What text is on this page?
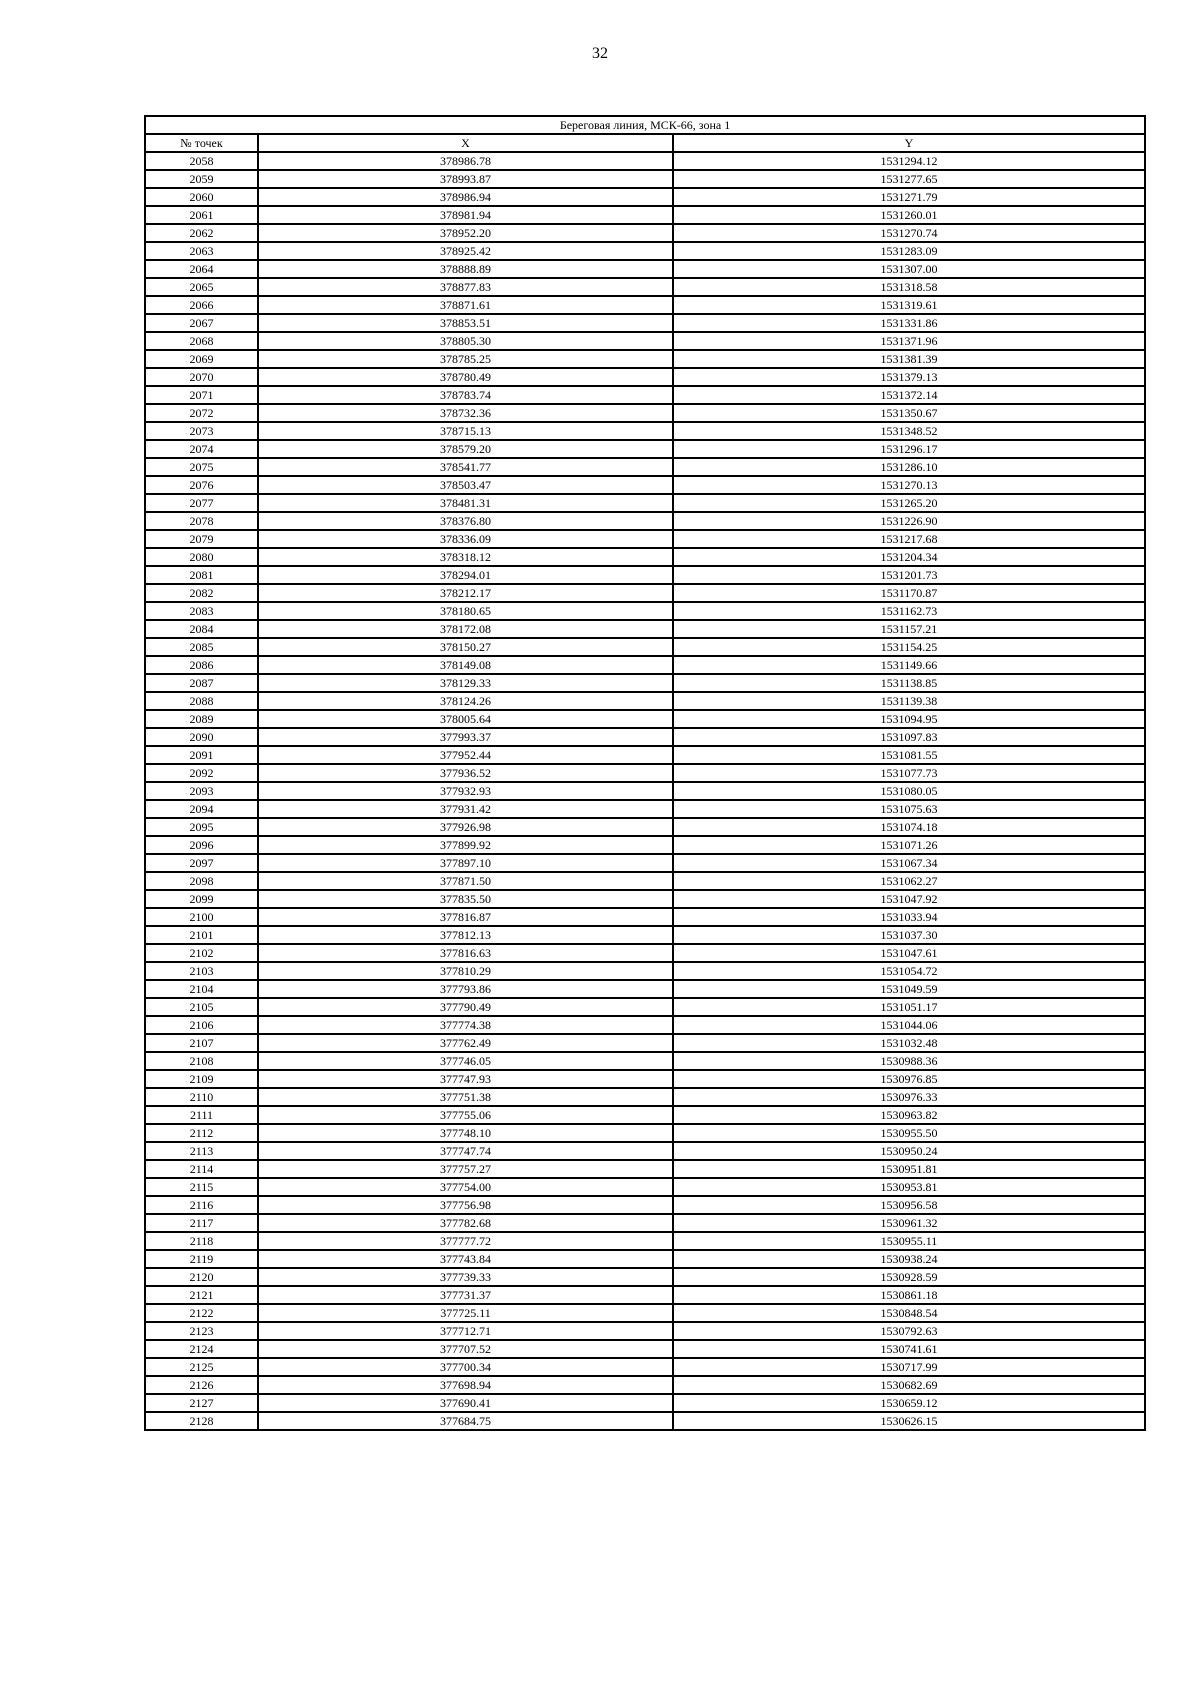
32
Береговая линия, МСК-66, зона 1		
№ точек	X	Y
2058	378986.78	1531294.12
2059	378993.87	1531277.65
2060	378986.94	1531271.79
2061	378981.94	1531260.01
2062	378952.20	1531270.74
2063	378925.42	1531283.09
2064	378888.89	1531307.00
2065	378877.83	1531318.58
2066	378871.61	1531319.61
2067	378853.51	1531331.86
2068	378805.30	1531371.96
2069	378785.25	1531381.39
2070	378780.49	1531379.13
2071	378783.74	1531372.14
2072	378732.36	1531350.67
2073	378715.13	1531348.52
2074	378579.20	1531296.17
2075	378541.77	1531286.10
2076	378503.47	1531270.13
2077	378481.31	1531265.20
2078	378376.80	1531226.90
2079	378336.09	1531217.68
2080	378318.12	1531204.34
2081	378294.01	1531201.73
2082	378212.17	1531170.87
2083	378180.65	1531162.73
2084	378172.08	1531157.21
2085	378150.27	1531154.25
2086	378149.08	1531149.66
2087	378129.33	1531138.85
2088	378124.26	1531139.38
2089	378005.64	1531094.95
2090	377993.37	1531097.83
2091	377952.44	1531081.55
2092	377936.52	1531077.73
2093	377932.93	1531080.05
2094	377931.42	1531075.63
2095	377926.98	1531074.18
2096	377899.92	1531071.26
2097	377897.10	1531067.34
2098	377871.50	1531062.27
2099	377835.50	1531047.92
2100	377816.87	1531033.94
2101	377812.13	1531037.30
2102	377816.63	1531047.61
2103	377810.29	1531054.72
2104	377793.86	1531049.59
2105	377790.49	1531051.17
2106	377774.38	1531044.06
2107	377762.49	1531032.48
2108	377746.05	1530988.36
2109	377747.93	1530976.85
2110	377751.38	1530976.33
2111	377755.06	1530963.82
2112	377748.10	1530955.50
2113	377747.74	1530950.24
2114	377757.27	1530951.81
2115	377754.00	1530953.81
2116	377756.98	1530956.58
2117	377782.68	1530961.32
2118	377777.72	1530955.11
2119	377743.84	1530938.24
2120	377739.33	1530928.59
2121	377731.37	1530861.18
2122	377725.11	1530848.54
2123	377712.71	1530792.63
2124	377707.52	1530741.61
2125	377700.34	1530717.99
2126	377698.94	1530682.69
2127	377690.41	1530659.12
2128	377684.75	1530626.15
